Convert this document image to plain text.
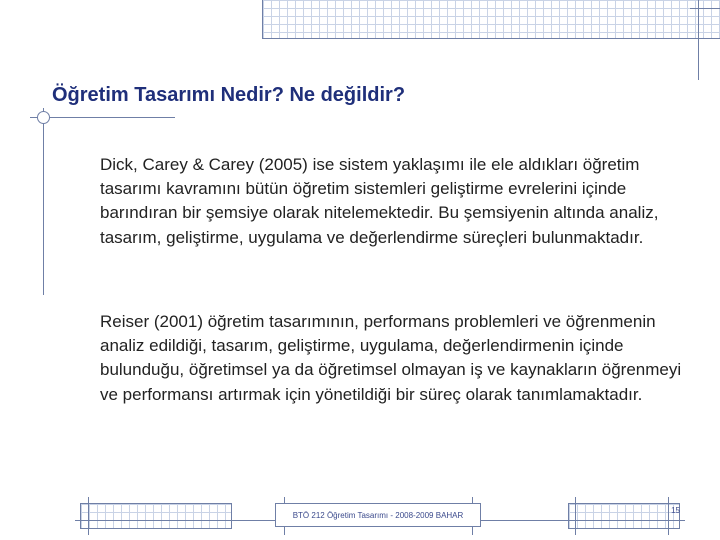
Öğretim Tasarımı Nedir? Ne değildir?

Dick, Carey & Carey (2005) ise sistem yaklaşımı ile ele aldıkları öğretim tasarımı kavramını bütün öğretim sistemleri geliştirme evrelerini içinde barındıran bir şemsiye olarak nitelemektedir. Bu şemsiyenin altında analiz, tasarım, geliştirme, uygulama ve değerlendirme süreçleri bulunmaktadır.

Reiser (2001) öğretim tasarımının, performans problemleri ve öğrenmenin analiz edildiği, tasarım, geliştirme, uygulama, değerlendirmenin içinde bulunduğu, öğretimsel ya da öğretimsel olmayan iş ve kaynakların öğrenmeyi ve performansı artırmak için yönetildiği bir süreç olarak tanımlamaktadır.

BTÖ 212 Öğretim Tasarımı - 2008-2009 BAHAR
15
